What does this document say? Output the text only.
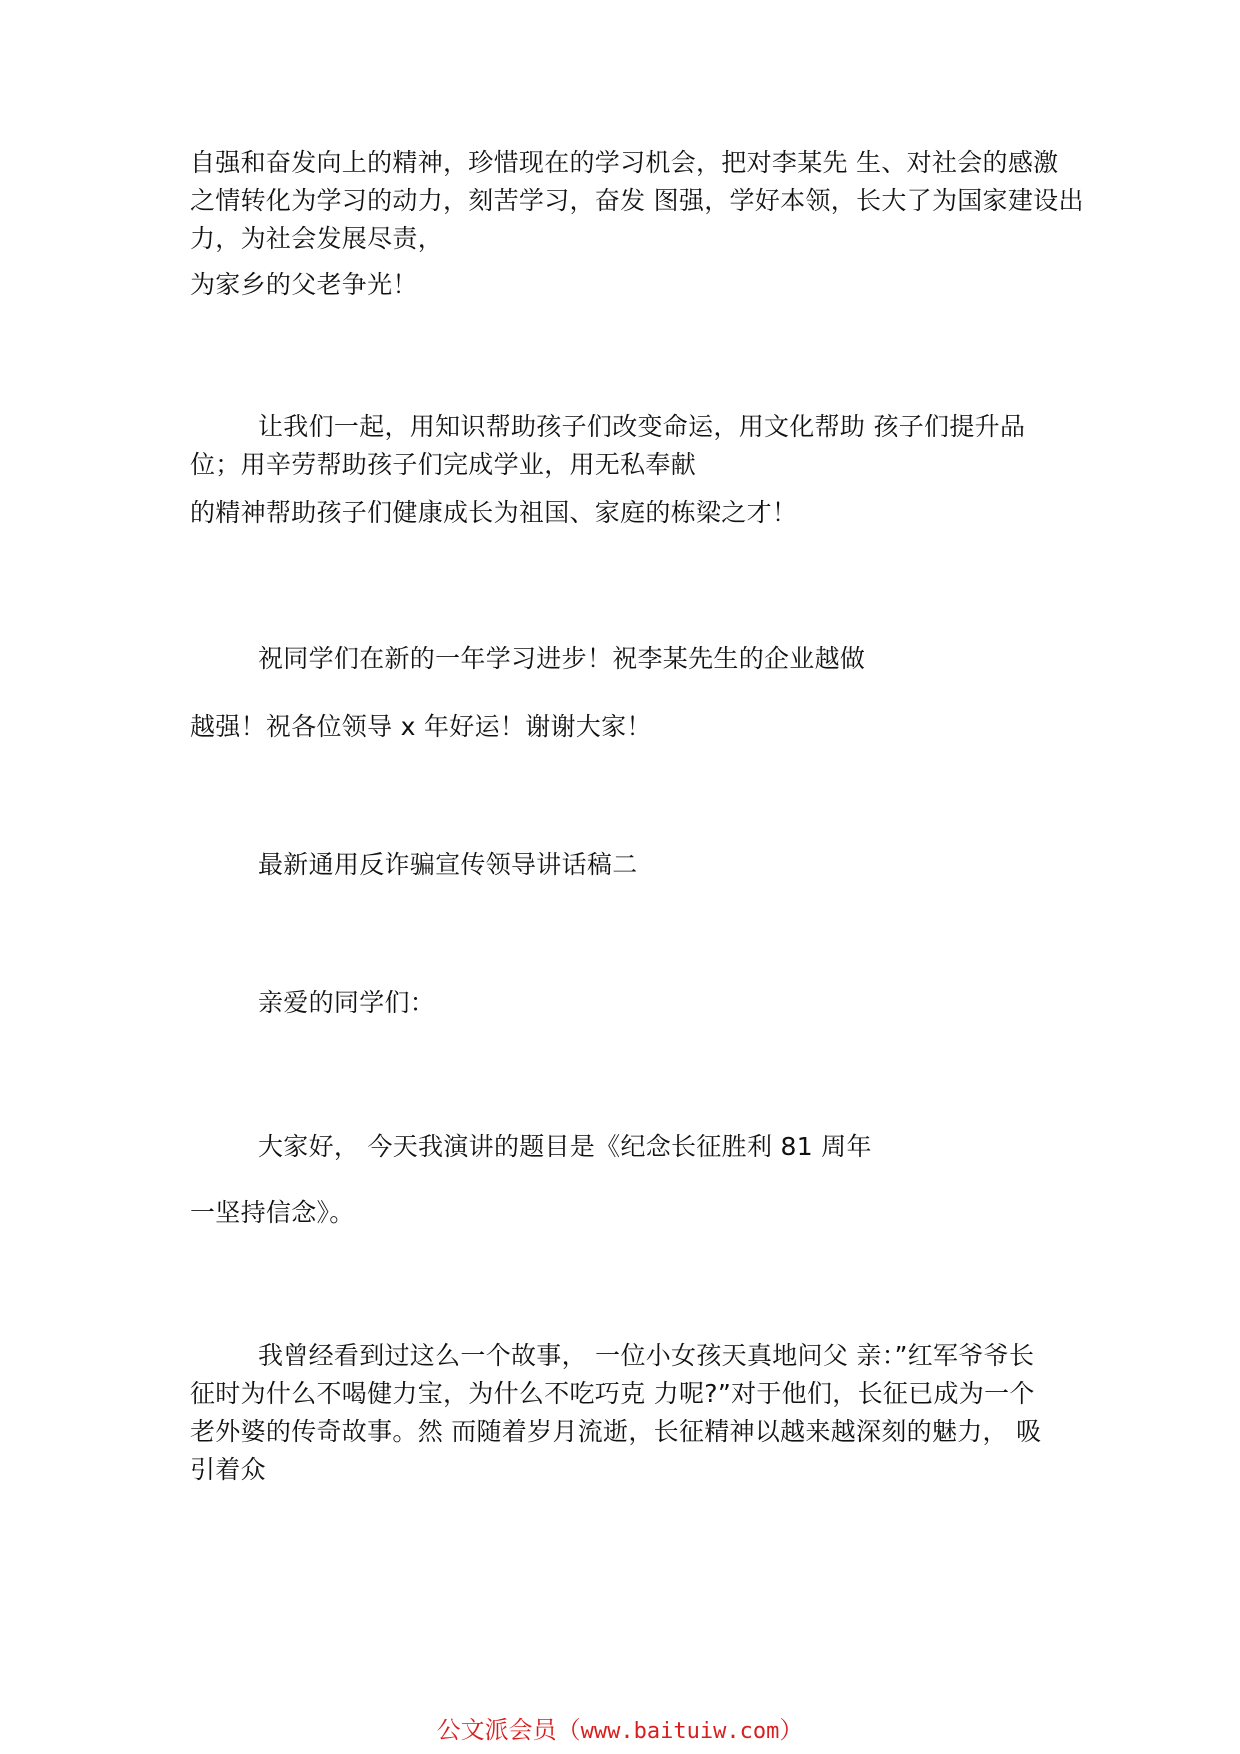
自强和奋发向上的精神，珍惜现在的学习机会，把对李某先 生、对社会的感激
之情转化为学习的动力，刻苦学习，奋发 图强，学好本领，长大了为国家建设出
力，为社会发展尽责，

为家乡的父老争光！

让我们一起，用知识帮助孩子们改变命运，用文化帮助 孩子们提升品
位；用辛劳帮助孩子们完成学业，用无私奉献

的精神帮助孩子们健康成长为祖国、家庭的栋梁之才！

祝同学们在新的一年学习进步！祝李某先生的企业越做

越强！祝各位领导 x 年好运！谢谢大家！

最新通用反诈骗宣传领导讲话稿二

亲爱的同学们：

大家好， 今天我演讲的题目是《纪念长征胜利 81 周年

一坚持信念》。

我曾经看到过这么一个故事， 一位小女孩天真地问父 亲：”红军爷爷长
征时为什么不喝健力宝，为什么不吃巧克 力呢?”对于他们，长征已成为一个
老外婆的传奇故事。然 而随着岁月流逝，长征精神以越来越深刻的魅力， 吸
引着众

公文派会员（www.baituiw.com）
